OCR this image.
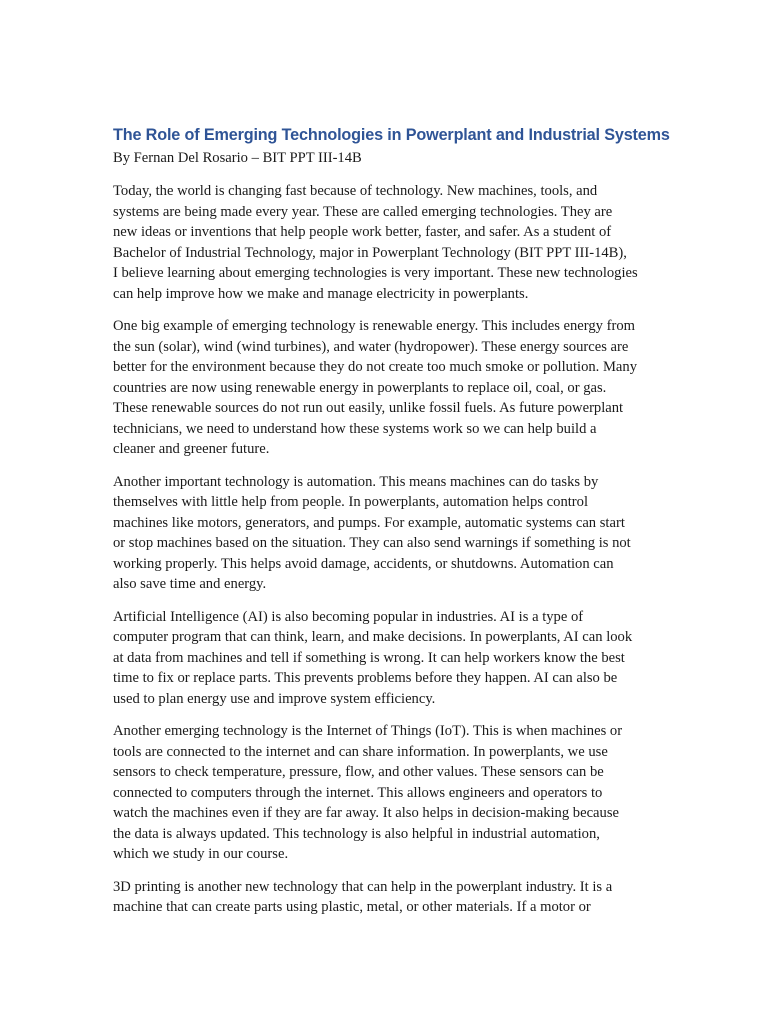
The Role of Emerging Technologies in Powerplant and Industrial Systems

By Fernan Del Rosario – BIT PPT III-14B

Today, the world is changing fast because of technology. New machines, tools, and
systems are being made every year. These are called emerging technologies. They are
new ideas or inventions that help people work better, faster, and safer. As a student of
Bachelor of Industrial Technology, major in Powerplant Technology (BIT PPT III-14B),
I believe learning about emerging technologies is very important. These new technologies
can help improve how we make and manage electricity in powerplants.

One big example of emerging technology is renewable energy. This includes energy from
the sun (solar), wind (wind turbines), and water (hydropower). These energy sources are
better for the environment because they do not create too much smoke or pollution. Many
countries are now using renewable energy in powerplants to replace oil, coal, or gas.
These renewable sources do not run out easily, unlike fossil fuels. As future powerplant
technicians, we need to understand how these systems work so we can help build a
cleaner and greener future.

Another important technology is automation. This means machines can do tasks by
themselves with little help from people. In powerplants, automation helps control
machines like motors, generators, and pumps. For example, automatic systems can start
or stop machines based on the situation. They can also send warnings if something is not
working properly. This helps avoid damage, accidents, or shutdowns. Automation can
also save time and energy.

Artificial Intelligence (AI) is also becoming popular in industries. AI is a type of
computer program that can think, learn, and make decisions. In powerplants, AI can look
at data from machines and tell if something is wrong. It can help workers know the best
time to fix or replace parts. This prevents problems before they happen. AI can also be
used to plan energy use and improve system efficiency.

Another emerging technology is the Internet of Things (IoT). This is when machines or
tools are connected to the internet and can share information. In powerplants, we use
sensors to check temperature, pressure, flow, and other values. These sensors can be
connected to computers through the internet. This allows engineers and operators to
watch the machines even if they are far away. It also helps in decision-making because
the data is always updated. This technology is also helpful in industrial automation,
which we study in our course.

3D printing is another new technology that can help in the powerplant industry. It is a
machine that can create parts using plastic, metal, or other materials. If a motor or
